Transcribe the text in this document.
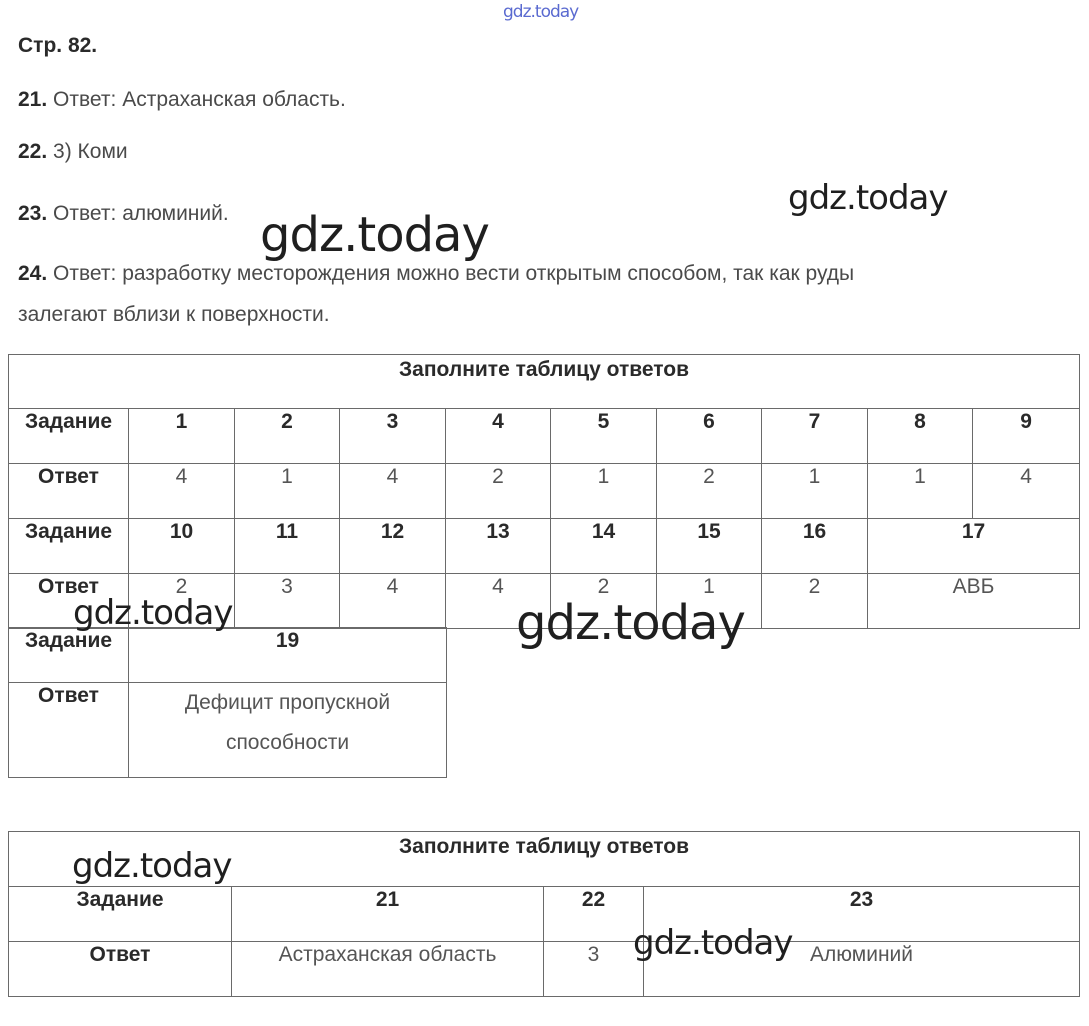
gdz.today
Стр. 82.
21. Ответ: Астраханская область.
22. 3) Коми
23. Ответ: алюминий.
24. Ответ: разработку месторождения можно вести открытым способом, так как руды
залегают вблизи к поверхности.
Заполните таблицу ответов									
Задание	1	2	3	4	5	6	7	8	9
Ответ	4	1	4	2	1	2	1	1	4
Задание	10	11	12	13	14	15	16	17	
Ответ	2	3	4	4	2	1	2	АВБ	
Задание	19
Ответ	Дефицит пропускной способности
Заполните таблицу ответов			
Задание	21	22	23
Ответ	Астраханская область	3	Алюминий
gdz.today
gdz.today
gdz.today	gdz.today
gdz.today
gdz.today
